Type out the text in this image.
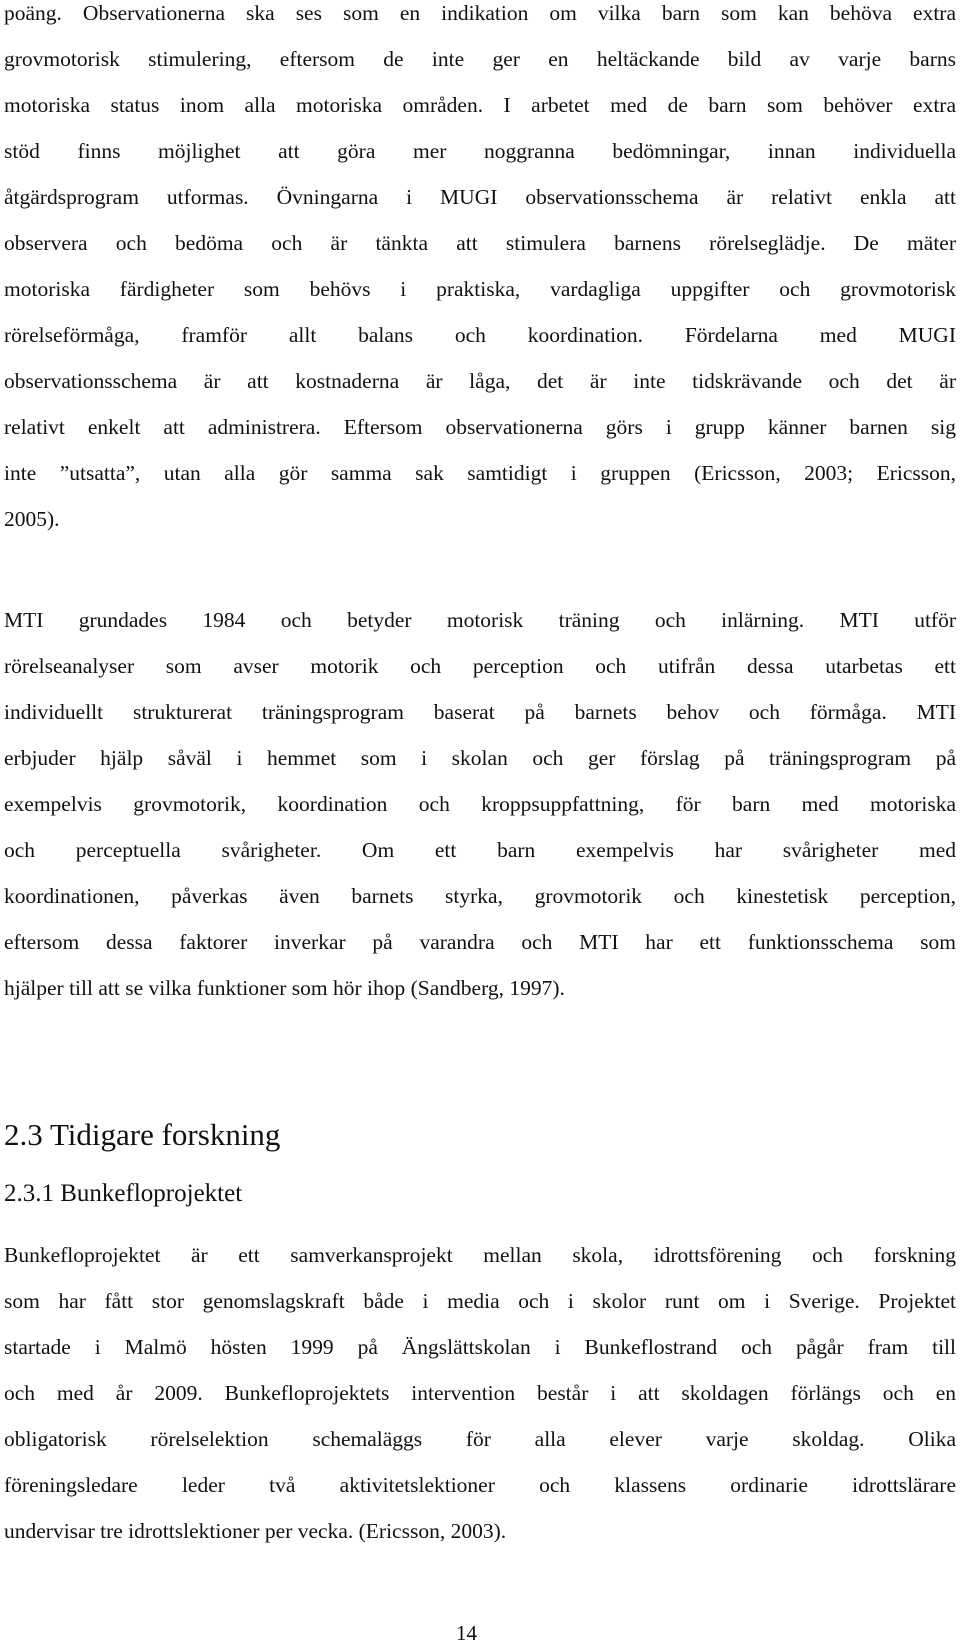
poäng. Observationerna ska ses som en indikation om vilka barn som kan behöva extra
grovmotorisk stimulering, eftersom de inte ger en heltäckande bild av varje barns
motoriska status inom alla motoriska områden. I arbetet med de barn som behöver extra
stöd finns möjlighet att göra mer noggranna bedömningar, innan individuella
åtgärdsprogram utformas. Övningarna i MUGI observationsschema är relativt enkla att
observera och bedöma och är tänkta att stimulera barnens rörelseglädje. De mäter
motoriska färdigheter som behövs i praktiska, vardagliga uppgifter och grovmotorisk
rörelseförmåga, framför allt balans och koordination. Fördelarna med MUGI
observationsschema är att kostnaderna är låga, det är inte tidskrävande och det är
relativt enkelt att administrera. Eftersom observationerna görs i grupp känner barnen sig
inte ”utsatta”, utan alla gör samma sak samtidigt i gruppen (Ericsson, 2003; Ericsson,
2005).
MTI grundades 1984 och betyder motorisk träning och inlärning. MTI utför
rörelseanalyser som avser motorik och perception och utifrån dessa utarbetas ett
individuellt strukturerat träningsprogram baserat på barnets behov och förmåga. MTI
erbjuder hjälp såväl i hemmet som i skolan och ger förslag på träningsprogram på
exempelvis grovmotorik, koordination och kroppsuppfattning, för barn med motoriska
och perceptuella svårigheter. Om ett barn exempelvis har svårigheter med
koordinationen, påverkas även barnets styrka, grovmotorik och kinestetisk perception,
eftersom dessa faktorer inverkar på varandra och MTI har ett funktionsschema som
hjälper till att se vilka funktioner som hör ihop (Sandberg, 1997).
2.3 Tidigare forskning
2.3.1 Bunkefloprojektet
Bunkefloprojektet är ett samverkansprojekt mellan skola, idrottsförening och forskning
som har fått stor genomslagskraft både i media och i skolor runt om i Sverige. Projektet
startade i Malmö hösten 1999 på Ängslättskolan i Bunkeflostrand och pågår fram till
och med år 2009. Bunkefloprojektets intervention består i att skoldagen förlängs och en
obligatorisk rörelselektion schemaläggs för alla elever varje skoldag. Olika
föreningsledare leder två aktivitetslektioner och klassens ordinarie idrottslärare
undervisar tre idrottslektioner per vecka. (Ericsson, 2003).
14
